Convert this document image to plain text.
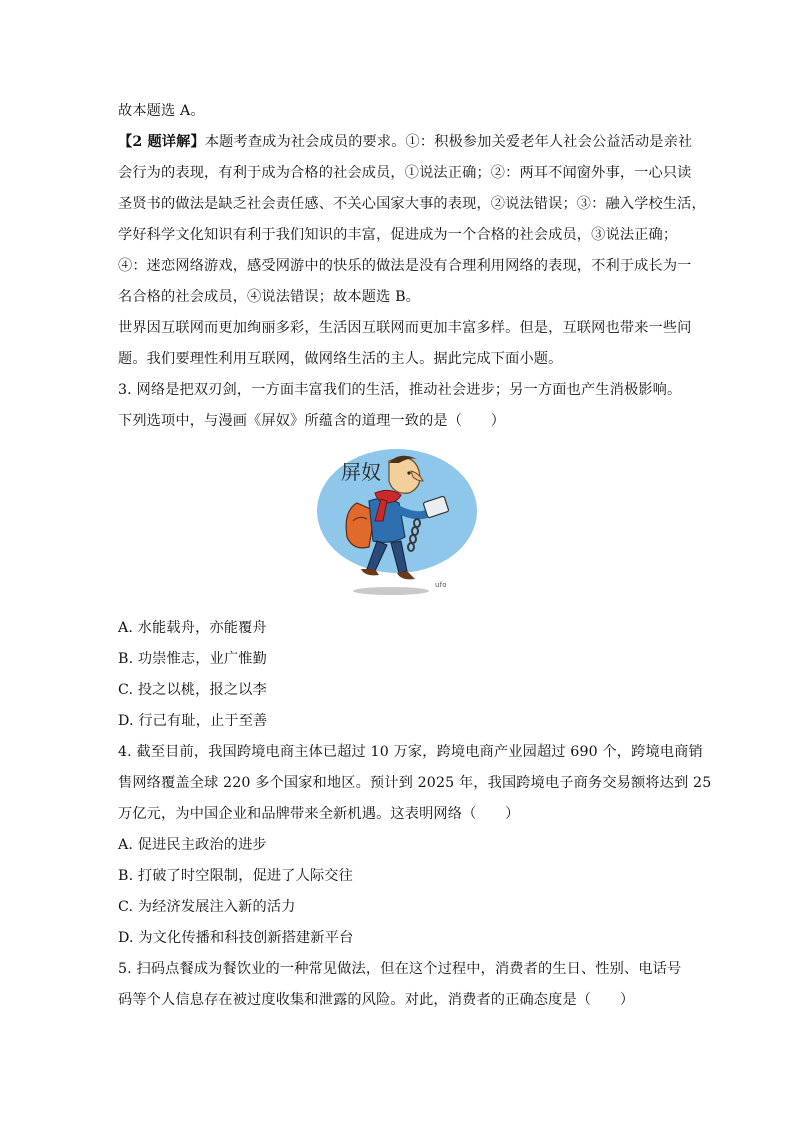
故本题选 A。
【2 题详解】本题考查成为社会成员的要求。①：积极参加关爱老年人社会公益活动是亲社
会行为的表现，有利于成为合格的社会成员，①说法正确；②：两耳不闻窗外事，一心只读
圣贤书的做法是缺乏社会责任感、不关心国家大事的表现，②说法错误；③：融入学校生活，
学好科学文化知识有利于我们知识的丰富，促进成为一个合格的社会成员，③说法正确；
④：迷恋网络游戏，感受网游中的快乐的做法是没有合理利用网络的表现，不利于成长为一
名合格的社会成员，④说法错误；故本题选 B。
世界因互联网而更加绚丽多彩，生活因互联网而更加丰富多样。但是，互联网也带来一些问
题。我们要理性利用互联网，做网络生活的主人。据此完成下面小题。
3. 网络是把双刃剑，一方面丰富我们的生活，推动社会进步；另一方面也产生消极影响。
下列选项中，与漫画《屏奴》所蕴含的道理一致的是（　　）
屏奴
ufo
A. 水能载舟，亦能覆舟
B. 功崇惟志，业广惟勤
C. 投之以桃，报之以李
D. 行己有耻，止于至善
4. 截至目前，我国跨境电商主体已超过 10 万家，跨境电商产业园超过 690 个，跨境电商销
售网络覆盖全球 220 多个国家和地区。预计到 2025 年，我国跨境电子商务交易额将达到 25
万亿元，为中国企业和品牌带来全新机遇。这表明网络（　　）
A. 促进民主政治的进步
B. 打破了时空限制，促进了人际交往
C. 为经济发展注入新的活力
D. 为文化传播和科技创新搭建新平台
5. 扫码点餐成为餐饮业的一种常见做法，但在这个过程中，消费者的生日、性别、电话号
码等个人信息存在被过度收集和泄露的风险。对此，消费者的正确态度是（　　）
